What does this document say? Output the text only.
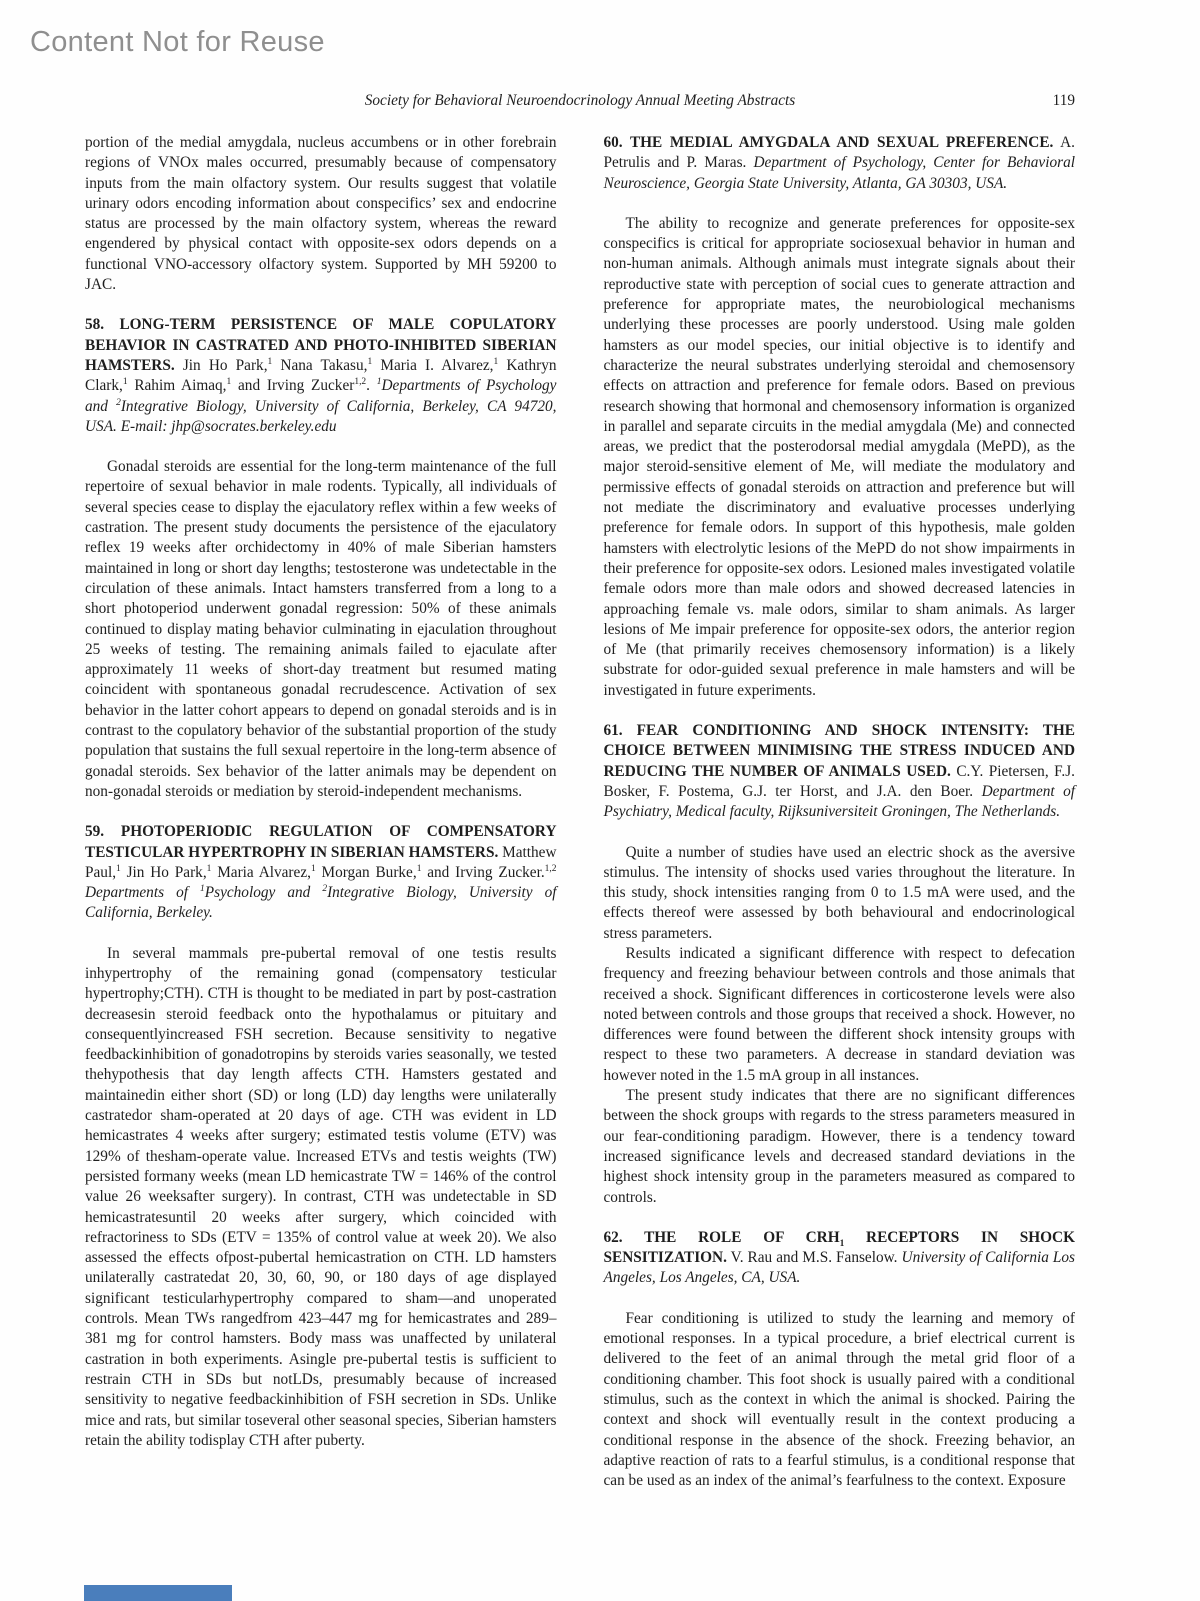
Content Not for Reuse
Society for Behavioral Neuroendocrinology Annual Meeting Abstracts	119

portion of the medial amygdala, nucleus accumbens or in other forebrain regions of VNOx males occurred, presumably because of compensatory inputs from the main olfactory system. Our results suggest that volatile urinary odors encoding information about conspecifics’ sex and endocrine status are processed by the main olfactory system, whereas the reward engendered by physical contact with opposite-sex odors depends on a functional VNO-accessory olfactory system. Supported by MH 59200 to JAC.

58. LONG-TERM PERSISTENCE OF MALE COPULATORY BEHAVIOR IN CASTRATED AND PHOTO-INHIBITED SIBERIAN HAMSTERS. Jin Ho Park,$^1$ Nana Takasu,$^1$ Maria I. Alvarez,$^1$ Kathryn Clark,$^1$ Rahim Aimaq,$^1$ and Irving Zucker$^{1,2}$. $^1$Departments of Psychology and $^2$Integrative Biology, University of California, Berkeley, CA 94720, USA. E-mail: jhp@socrates.berkeley.edu

Gonadal steroids are essential for the long-term maintenance of the full repertoire of sexual behavior in male rodents. Typically, all individuals of several species cease to display the ejaculatory reflex within a few weeks of castration. The present study documents the persistence of the ejaculatory reflex 19 weeks after orchidectomy in 40% of male Siberian hamsters maintained in long or short day lengths; testosterone was undetectable in the circulation of these animals. Intact hamsters transferred from a long to a short photoperiod underwent gonadal regression: 50% of these animals continued to display mating behavior culminating in ejaculation throughout 25 weeks of testing. The remaining animals failed to ejaculate after approximately 11 weeks of short-day treatment but resumed mating coincident with spontaneous gonadal recrudescence. Activation of sex behavior in the latter cohort appears to depend on gonadal steroids and is in contrast to the copulatory behavior of the substantial proportion of the study population that sustains the full sexual repertoire in the long-term absence of gonadal steroids. Sex behavior of the latter animals may be dependent on non-gonadal steroids or mediation by steroid-independent mechanisms.

59. PHOTOPERIODIC REGULATION OF COMPENSATORY TESTICULAR HYPERTROPHY IN SIBERIAN HAMSTERS. Matthew Paul,$^1$ Jin Ho Park,$^1$ Maria Alvarez,$^1$ Morgan Burke,$^1$ and Irving Zucker.$^{1,2}$ Departments of $^1$Psychology and $^2$Integrative Biology, University of California, Berkeley.

In several mammals pre-pubertal removal of one testis results inhypertrophy of the remaining gonad (compensatory testicular hypertrophy;CTH). CTH is thought to be mediated in part by post-castration decreasesin steroid feedback onto the hypothalamus or pituitary and consequentlyincreased FSH secretion. Because sensitivity to negative feedbackinhibition of gonadotropins by steroids varies seasonally, we tested thehypothesis that day length affects CTH. Hamsters gestated and maintainedin either short (SD) or long (LD) day lengths were unilaterally castratedor sham-operated at 20 days of age. CTH was evident in LD hemicastrates 4 weeks after surgery; estimated testis volume (ETV) was 129% of thesham-operate value. Increased ETVs and testis weights (TW) persisted formany weeks (mean LD hemicastrate TW = 146% of the control value 26 weeksafter surgery). In contrast, CTH was undetectable in SD hemicastratesuntil 20 weeks after surgery, which coincided with refractoriness to SDs (ETV = 135% of control value at week 20). We also assessed the effects ofpost-pubertal hemicastration on CTH. LD hamsters unilaterally castratedat 20, 30, 60, 90, or 180 days of age displayed significant testicularhypertrophy compared to sham—and unoperated controls. Mean TWs rangedfrom 423–447 mg for hemicastrates and 289–381 mg for control hamsters. Body mass was unaffected by unilateral castration in both experiments. Asingle pre-pubertal testis is sufficient to restrain CTH in SDs but notLDs, presumably because of increased sensitivity to negative feedbackinhibition of FSH secretion in SDs. Unlike mice and rats, but similar toseveral other seasonal species, Siberian hamsters retain the ability todisplay CTH after puberty.

60. THE MEDIAL AMYGDALA AND SEXUAL PREFERENCE. A. Petrulis and P. Maras. Department of Psychology, Center for Behavioral Neuroscience, Georgia State University, Atlanta, GA 30303, USA.

The ability to recognize and generate preferences for opposite-sex conspecifics is critical for appropriate sociosexual behavior in human and non-human animals. Although animals must integrate signals about their reproductive state with perception of social cues to generate attraction and preference for appropriate mates, the neurobiological mechanisms underlying these processes are poorly understood. Using male golden hamsters as our model species, our initial objective is to identify and characterize the neural substrates underlying steroidal and chemosensory effects on attraction and preference for female odors. Based on previous research showing that hormonal and chemosensory information is organized in parallel and separate circuits in the medial amygdala (Me) and connected areas, we predict that the posterodorsal medial amygdala (MePD), as the major steroid-sensitive element of Me, will mediate the modulatory and permissive effects of gonadal steroids on attraction and preference but will not mediate the discriminatory and evaluative processes underlying preference for female odors. In support of this hypothesis, male golden hamsters with electrolytic lesions of the MePD do not show impairments in their preference for opposite-sex odors. Lesioned males investigated volatile female odors more than male odors and showed decreased latencies in approaching female vs. male odors, similar to sham animals. As larger lesions of Me impair preference for opposite-sex odors, the anterior region of Me (that primarily receives chemosensory information) is a likely substrate for odor-guided sexual preference in male hamsters and will be investigated in future experiments.

61. FEAR CONDITIONING AND SHOCK INTENSITY: THE CHOICE BETWEEN MINIMISING THE STRESS INDUCED AND REDUCING THE NUMBER OF ANIMALS USED. C.Y. Pietersen, F.J. Bosker, F. Postema, G.J. ter Horst, and J.A. den Boer. Department of Psychiatry, Medical faculty, Rijksuniversiteit Groningen, The Netherlands.

Quite a number of studies have used an electric shock as the aversive stimulus. The intensity of shocks used varies throughout the literature. In this study, shock intensities ranging from 0 to 1.5 mA were used, and the effects thereof were assessed by both behavioural and endocrinological stress parameters.

Results indicated a significant difference with respect to defecation frequency and freezing behaviour between controls and those animals that received a shock. Significant differences in corticosterone levels were also noted between controls and those groups that received a shock. However, no differences were found between the different shock intensity groups with respect to these two parameters. A decrease in standard deviation was however noted in the 1.5 mA group in all instances.

The present study indicates that there are no significant differences between the shock groups with regards to the stress parameters measured in our fear-conditioning paradigm. However, there is a tendency toward increased significance levels and decreased standard deviations in the highest shock intensity group in the parameters measured as compared to controls.

62. THE ROLE OF $CRH_1$ RECEPTORS IN SHOCK SENSITIZATION. V. Rau and M.S. Fanselow. University of California Los Angeles, Los Angeles, CA, USA.

Fear conditioning is utilized to study the learning and memory of emotional responses. In a typical procedure, a brief electrical current is delivered to the feet of an animal through the metal grid floor of a conditioning chamber. This foot shock is usually paired with a conditional stimulus, such as the context in which the animal is shocked. Pairing the context and shock will eventually result in the context producing a conditional response in the absence of the shock. Freezing behavior, an adaptive reaction of rats to a fearful stimulus, is a conditional response that can be used as an index of the animal’s fearfulness to the context. Exposure
